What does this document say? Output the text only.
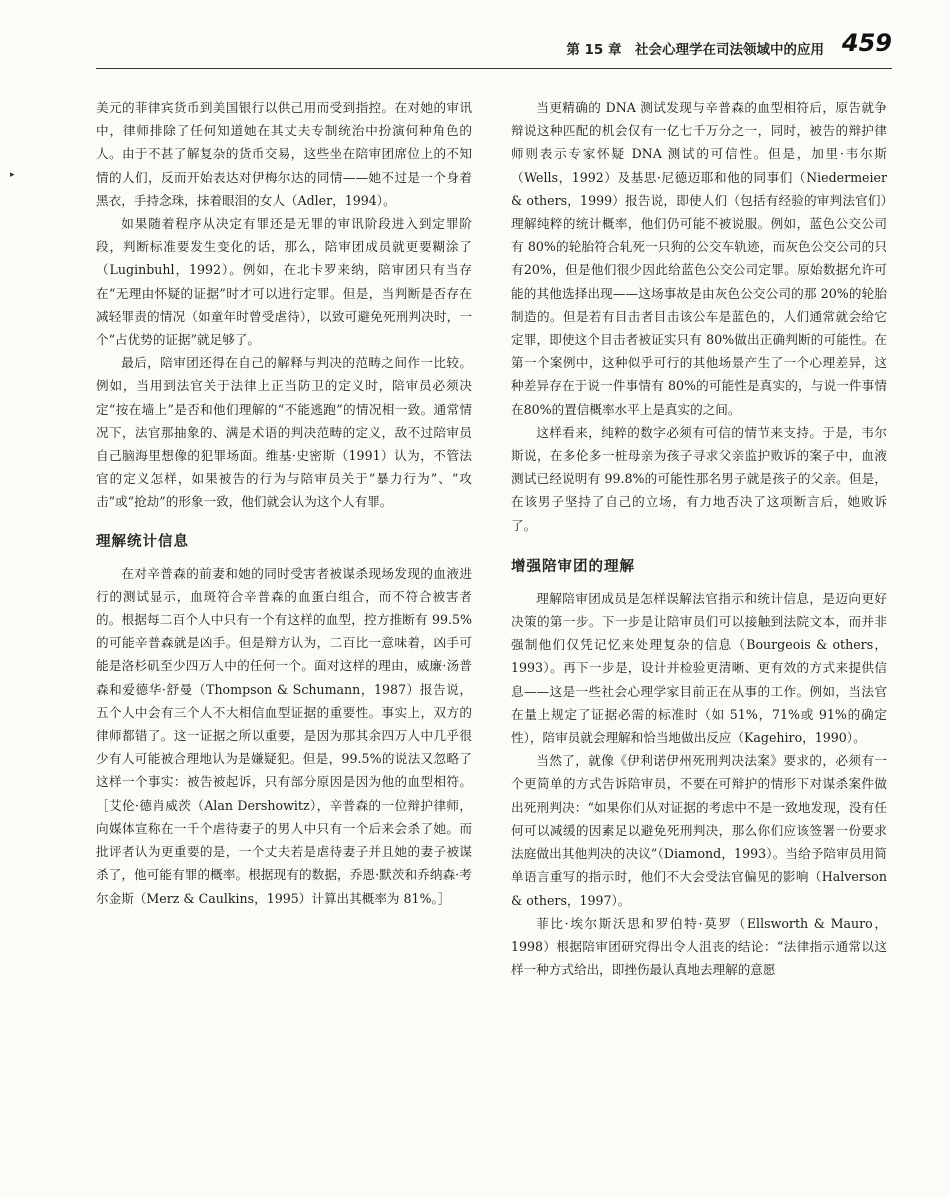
第 15 章　社会心理学在司法领域中的应用 459
▸

美元的菲律宾货币到美国银行以供己用而受到指控。在对她的审讯中，律师排除了任何知道她在其丈夫专制统治中扮演何种角色的人。由于不甚了解复杂的货币交易，这些坐在陪审团席位上的不知情的人们，反而开始表达对伊梅尔达的同情——她不过是一个身着黑衣，手持念珠，抹着眼泪的女人（Adler，1994）。

如果随着程序从决定有罪还是无罪的审讯阶段进入到定罪阶段，判断标准要发生变化的话，那么，陪审团成员就更要糊涂了（Luginbuhl，1992）。例如，在北卡罗来纳，陪审团只有当存在“无理由怀疑的证据”时才可以进行定罪。但是，当判断是否存在减轻罪责的情况（如童年时曾受虐待），以致可避免死刑判决时，一个“占优势的证据”就足够了。

最后，陪审团还得在自己的解释与判决的范畴之间作一比较。例如，当用到法官关于法律上正当防卫的定义时，陪审员必须决定“按在墙上”是否和他们理解的“不能逃跑”的情况相一致。通常情况下，法官那抽象的、满是术语的判决范畴的定义，敌不过陪审员自己脑海里想像的犯罪场面。维基·史密斯（1991）认为，不管法官的定义怎样，如果被告的行为与陪审员关于“暴力行为”、“攻击”或“抢劫”的形象一致，他们就会认为这个人有罪。

理解统计信息

在对辛普森的前妻和她的同时受害者被谋杀现场发现的血液进行的测试显示，血斑符合辛普森的血蛋白组合，而不符合被害者的。根据每二百个人中只有一个有这样的血型，控方推断有 99.5%的可能辛普森就是凶手。但是辩方认为，二百比一意味着，凶手可能是洛杉矶至少四万人中的任何一个。面对这样的理由，威廉·汤普森和爱德华·舒曼（Thompson & Schumann，1987）报告说，五个人中会有三个人不大相信血型证据的重要性。事实上，双方的律师都错了。这一证据之所以重要，是因为那其余四万人中几乎很少有人可能被合理地认为是嫌疑犯。但是，99.5%的说法又忽略了这样一个事实：被告被起诉，只有部分原因是因为他的血型相符。［艾伦·德肖威茨（Alan Dershowitz），辛普森的一位辩护律师，向媒体宣称在一千个虐待妻子的男人中只有一个后来会杀了她。而批评者认为更重要的是，一个丈夫若是虐待妻子并且她的妻子被谋杀了，他可能有罪的概率。根据现有的数据，乔恩·默茨和乔纳森·考尔金斯（Merz & Caulkins，1995）计算出其概率为 81%。］

当更精确的 DNA 测试发现与辛普森的血型相符后，原告就争辩说这种匹配的机会仅有一亿七千万分之一，同时，被告的辩护律师则表示专家怀疑 DNA 测试的可信性。但是，加里·韦尔斯（Wells，1992）及基思·尼德迈耶和他的同事们（Niedermeier & others，1999）报告说，即使人们（包括有经验的审判法官们）理解纯粹的统计概率，他们仍可能不被说服。例如，蓝色公交公司有 80%的轮胎符合轧死一只狗的公交车轨迹，而灰色公交公司的只有20%，但是他们很少因此给蓝色公交公司定罪。原始数据允许可能的其他选择出现——这场事故是由灰色公交公司的那 20%的轮胎制造的。但是若有目击者目击该公车是蓝色的，人们通常就会给它定罪，即使这个目击者被证实只有 80%做出正确判断的可能性。在第一个案例中，这种似乎可行的其他场景产生了一个心理差异，这种差异存在于说一件事情有 80%的可能性是真实的，与说一件事情在80%的置信概率水平上是真实的之间。

这样看来，纯粹的数字必须有可信的情节来支持。于是，韦尔斯说，在多伦多一桩母亲为孩子寻求父亲监护败诉的案子中，血液测试已经说明有 99.8%的可能性那名男子就是孩子的父亲。但是，在该男子坚持了自己的立场，有力地否决了这项断言后，她败诉了。

增强陪审团的理解

理解陪审团成员是怎样误解法官指示和统计信息，是迈向更好决策的第一步。下一步是让陪审员们可以接触到法院文本，而并非强制他们仅凭记忆来处理复杂的信息（Bourgeois & others，1993）。再下一步是，设计并检验更清晰、更有效的方式来提供信息——这是一些社会心理学家目前正在从事的工作。例如，当法官在量上规定了证据必需的标准时（如 51%，71%或 91%的确定性），陪审员就会理解和恰当地做出反应（Kagehiro，1990）。

当然了，就像《伊利诺伊州死刑判决法案》要求的，必须有一个更简单的方式告诉陪审员，不要在可辩护的情形下对谋杀案件做出死刑判决：“如果你们从对证据的考虑中不是一致地发现，没有任何可以减缓的因素足以避免死刑判决，那么你们应该签署一份要求法庭做出其他判决的决议”（Diamond，1993）。当给予陪审员用简单语言重写的指示时，他们不大会受法官偏见的影响（Halverson & others，1997）。

菲比·埃尔斯沃思和罗伯特·莫罗（Ellsworth & Mauro，1998）根据陪审团研究得出令人沮丧的结论：“法律指示通常以这样一种方式给出，即挫伤最认真地去理解的意愿
